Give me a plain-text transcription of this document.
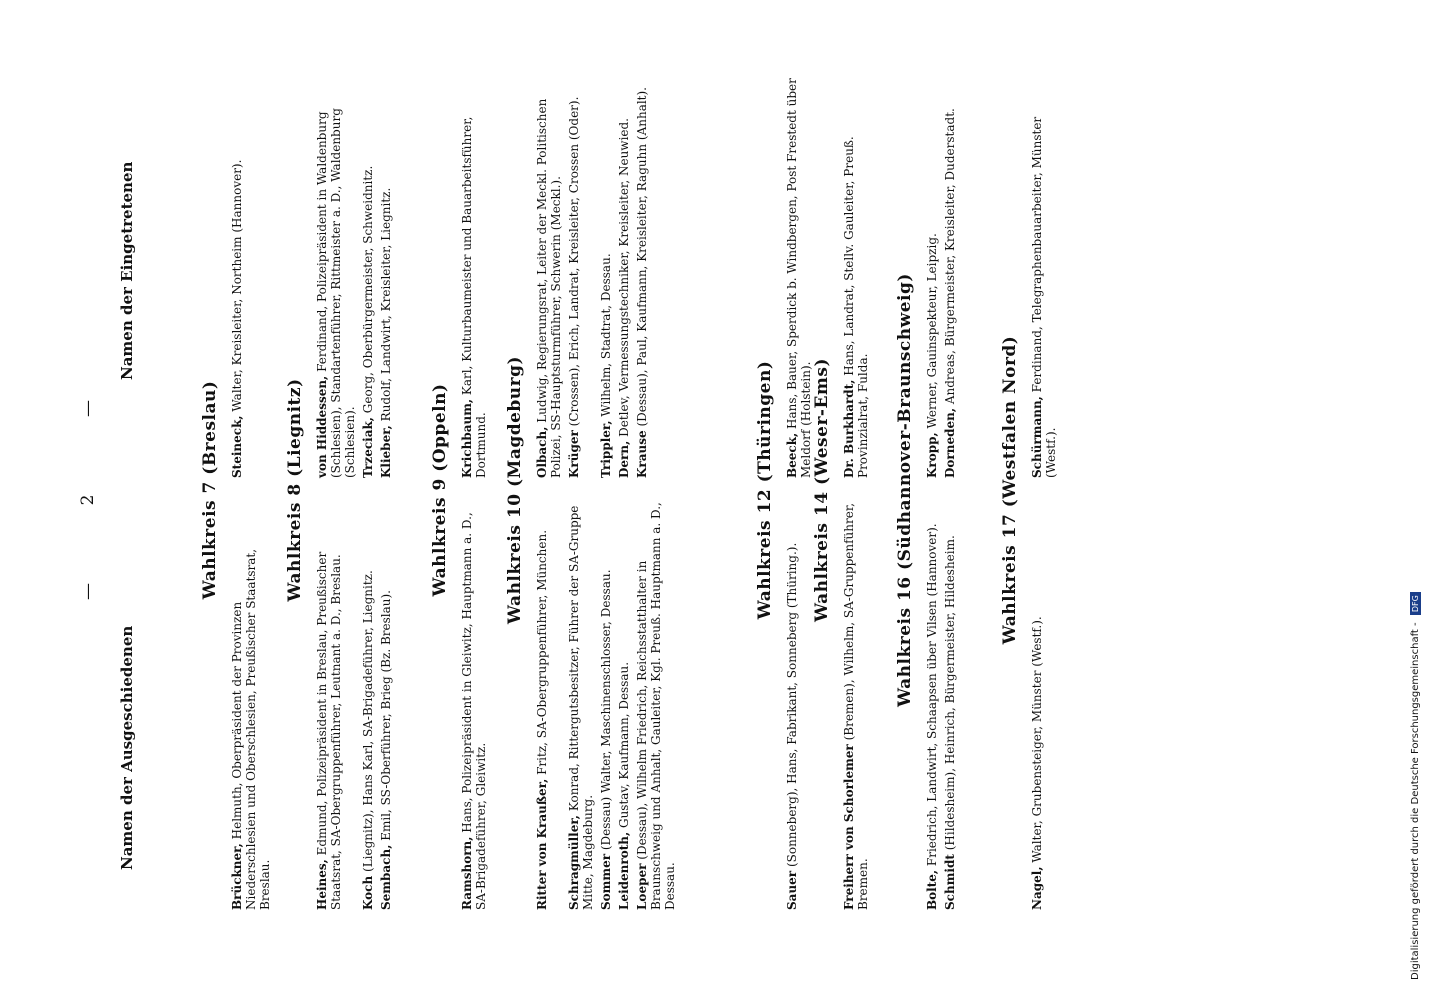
— 2 —
Namen der Ausgeschiedenen
Namen der Eingetretenen
Wahlkreis 7 (Breslau)
Brückner, Helmuth, Oberpräsident der Provinzen Niederschlesien und Oberschlesien, Preußischer Staatsrat, Breslau.
Steineck, Walter, Kreisleiter, Northeim (Hannover).
Wahlkreis 8 (Liegnitz)
Heines, Edmund, Polizeipräsident in Breslau, Preußischer Staatsrat, SA-Obergruppenführer, Leutnant a. D., Breslau.
von Hiddessen, Ferdinand, Polizeipräsident in Waldenburg (Schlesien), Standartenführer, Rittmeister a. D., Waldenburg (Schlesien).
Koch (Liegnitz), Hans Karl, SA-Brigadeführer, Liegnitz.
Trzeciak, Georg, Oberbürgermeister, Schweidnitz.
Sembach, Emil, SS-Oberführer, Brieg (Bz. Breslau).
Klieber, Rudolf, Landwirt, Kreisleiter, Liegnitz.
Wahlkreis 9 (Oppeln)
Ramshorn, Hans, Polizeipräsident in Gleiwitz, Hauptmann a. D., SA-Brigadeführer, Gleiwitz.
Krichbaum, Karl, Kulturbaumeister und Bauarbeitsführer, Dortmund. Wahlkreis 10 (Magdeburg)
Ritter von Kraußer, Fritz, SA-Obergruppenführer, München.
Olbach, Ludwig, Regierungsrat, Leiter der Meckl. Politischen Polizei, SS-Hauptsturmführer, Schwerin (Meckl.).
Schragmüller, Konrad, Rittergutsbesitzer, Führer der SA-Gruppe Mitte, Magdeburg.
Krüger (Crossen), Erich, Landrat, Kreisleiter, Crossen (Oder).
Sommer (Dessau) Walter, Maschinenschlosser, Dessau.
Trippler, Wilhelm, Stadtrat, Dessau.
Leidenroth, Gustav, Kaufmann, Dessau.
Dern, Detlev, Vermessungstechniker, Kreisleiter, Neuwied.
Loeper (Dessau), Wilhelm Friedrich, Reichsstatthalter in Braunschweig und Anhalt, Gauleiter, Kgl. Preuß. Hauptmann a. D., Dessau.
Krause (Dessau), Paul, Kaufmann, Kreisleiter, Raguhn (Anhalt).
Wahlkreis 12 (Thüringen)
Sauer (Sonneberg), Hans, Fabrikant, Sonneberg (Thüring.).
Beeck, Hans, Bauer, Sperdick b. Windbergen, Post Frestedt über Meldorf (Holstein). Wahlkreis 14 (Weser-Ems)
Freiherr von Schorlemer (Bremen), Wilhelm, SA-Gruppenführer, Bremen.
Dr. Burkhardt, Hans, Landrat, Stellv. Gauleiter, Preuß. Provinzialrat, Fulda. Wahlkreis 16 (Südhannover-Braunschweig)
Bolte, Friedrich, Landwirt, Schaapsen über Vilsen (Hannover).
Kropp, Werner, Gauinspekteur, Leipzig.
Schmidt (Hildesheim), Heinrich, Bürgermeister, Hildesheim.
Dorneden, Andreas, Bürgermeister, Kreisleiter, Duderstadt.
Wahlkreis 17 (Westfalen Nord)
Nagel, Walter, Grubensteiger, Münster (Westf.).
Schürmann, Ferdinand, Telegraphenbauarbeiter, Münster (Westf.).
Digitalisierung gefördert durch die Deutsche Forschungsgemeinschaft - DFG
